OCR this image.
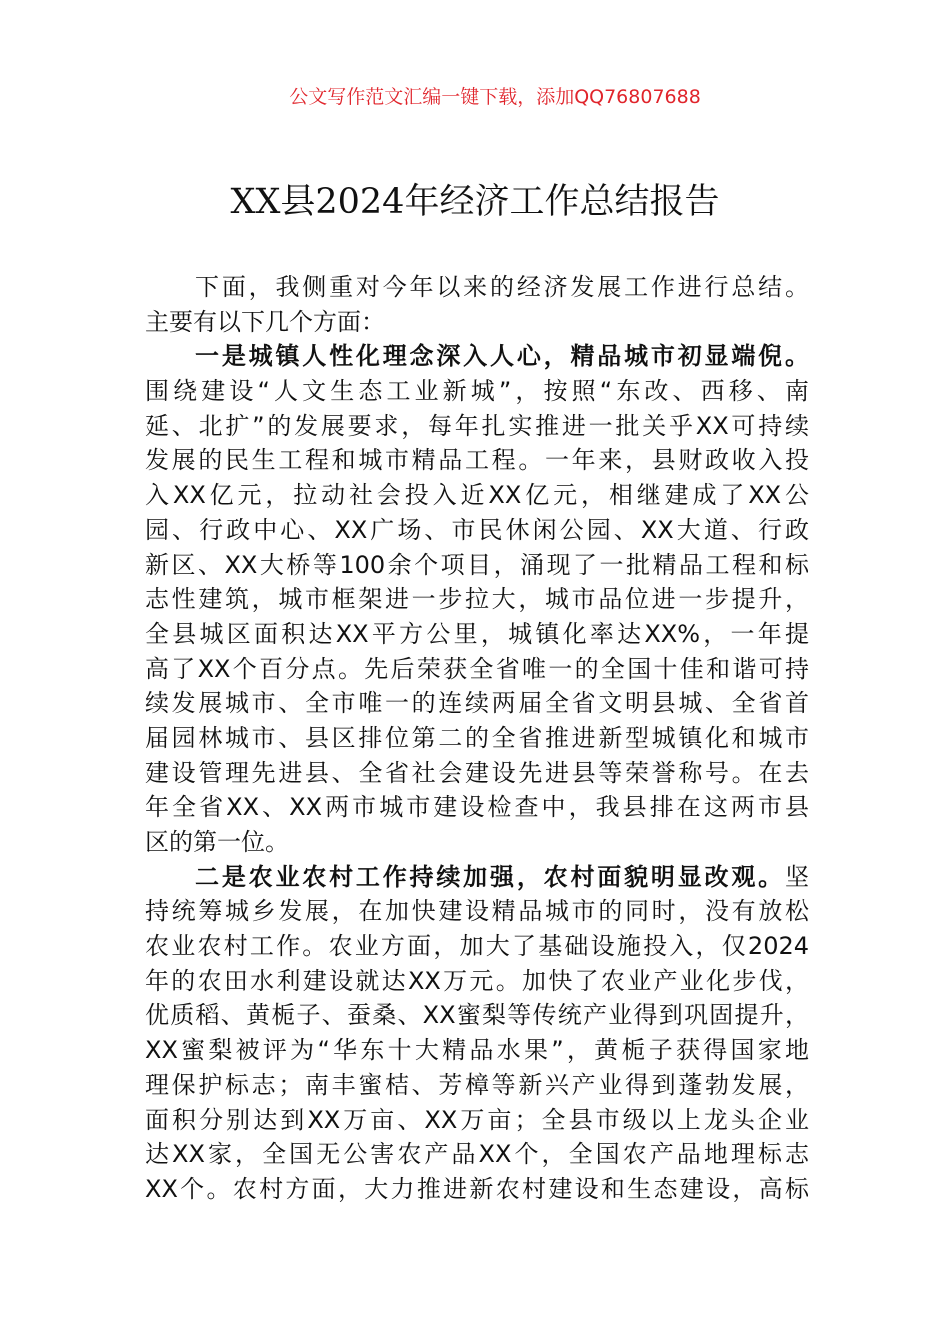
公文写作范文汇编一键下载，添加QQ76807688
XX县2024年经济工作总结报告
下面，我侧重对今年以来的经济发展工作进行总结。
主要有以下几个方面：
一是城镇人性化理念深入人心，精品城市初显端倪。
围绕建设“人文生态工业新城”，按照“东改、西移、南
延、北扩”的发展要求，每年扎实推进一批关乎XX可持续
发展的民生工程和城市精品工程。一年来，县财政收入投
入XX亿元，拉动社会投入近XX亿元，相继建成了XX公
园、行政中心、XX广场、市民休闲公园、XX大道、行政
新区、XX大桥等100余个项目，涌现了一批精品工程和标
志性建筑，城市框架进一步拉大，城市品位进一步提升，
全县城区面积达XX平方公里，城镇化率达XX%，一年提
高了XX个百分点。先后荣获全省唯一的全国十佳和谐可持
续发展城市、全市唯一的连续两届全省文明县城、全省首
届园林城市、县区排位第二的全省推进新型城镇化和城市
建设管理先进县、全省社会建设先进县等荣誉称号。在去
年全省XX、XX两市城市建设检查中，我县排在这两市县
区的第一位。
二是农业农村工作持续加强，农村面貌明显改观。坚
持统筹城乡发展，在加快建设精品城市的同时，没有放松
农业农村工作。农业方面，加大了基础设施投入，仅2024
年的农田水利建设就达XX万元。加快了农业产业化步伐，
优质稻、黄栀子、蚕桑、XX蜜梨等传统产业得到巩固提升，
XX蜜梨被评为“华东十大精品水果”，黄栀子获得国家地
理保护标志；南丰蜜桔、芳樟等新兴产业得到蓬勃发展，
面积分别达到XX万亩、XX万亩；全县市级以上龙头企业
达XX家，全国无公害农产品XX个，全国农产品地理标志
XX个。农村方面，大力推进新农村建设和生态建设，高标
